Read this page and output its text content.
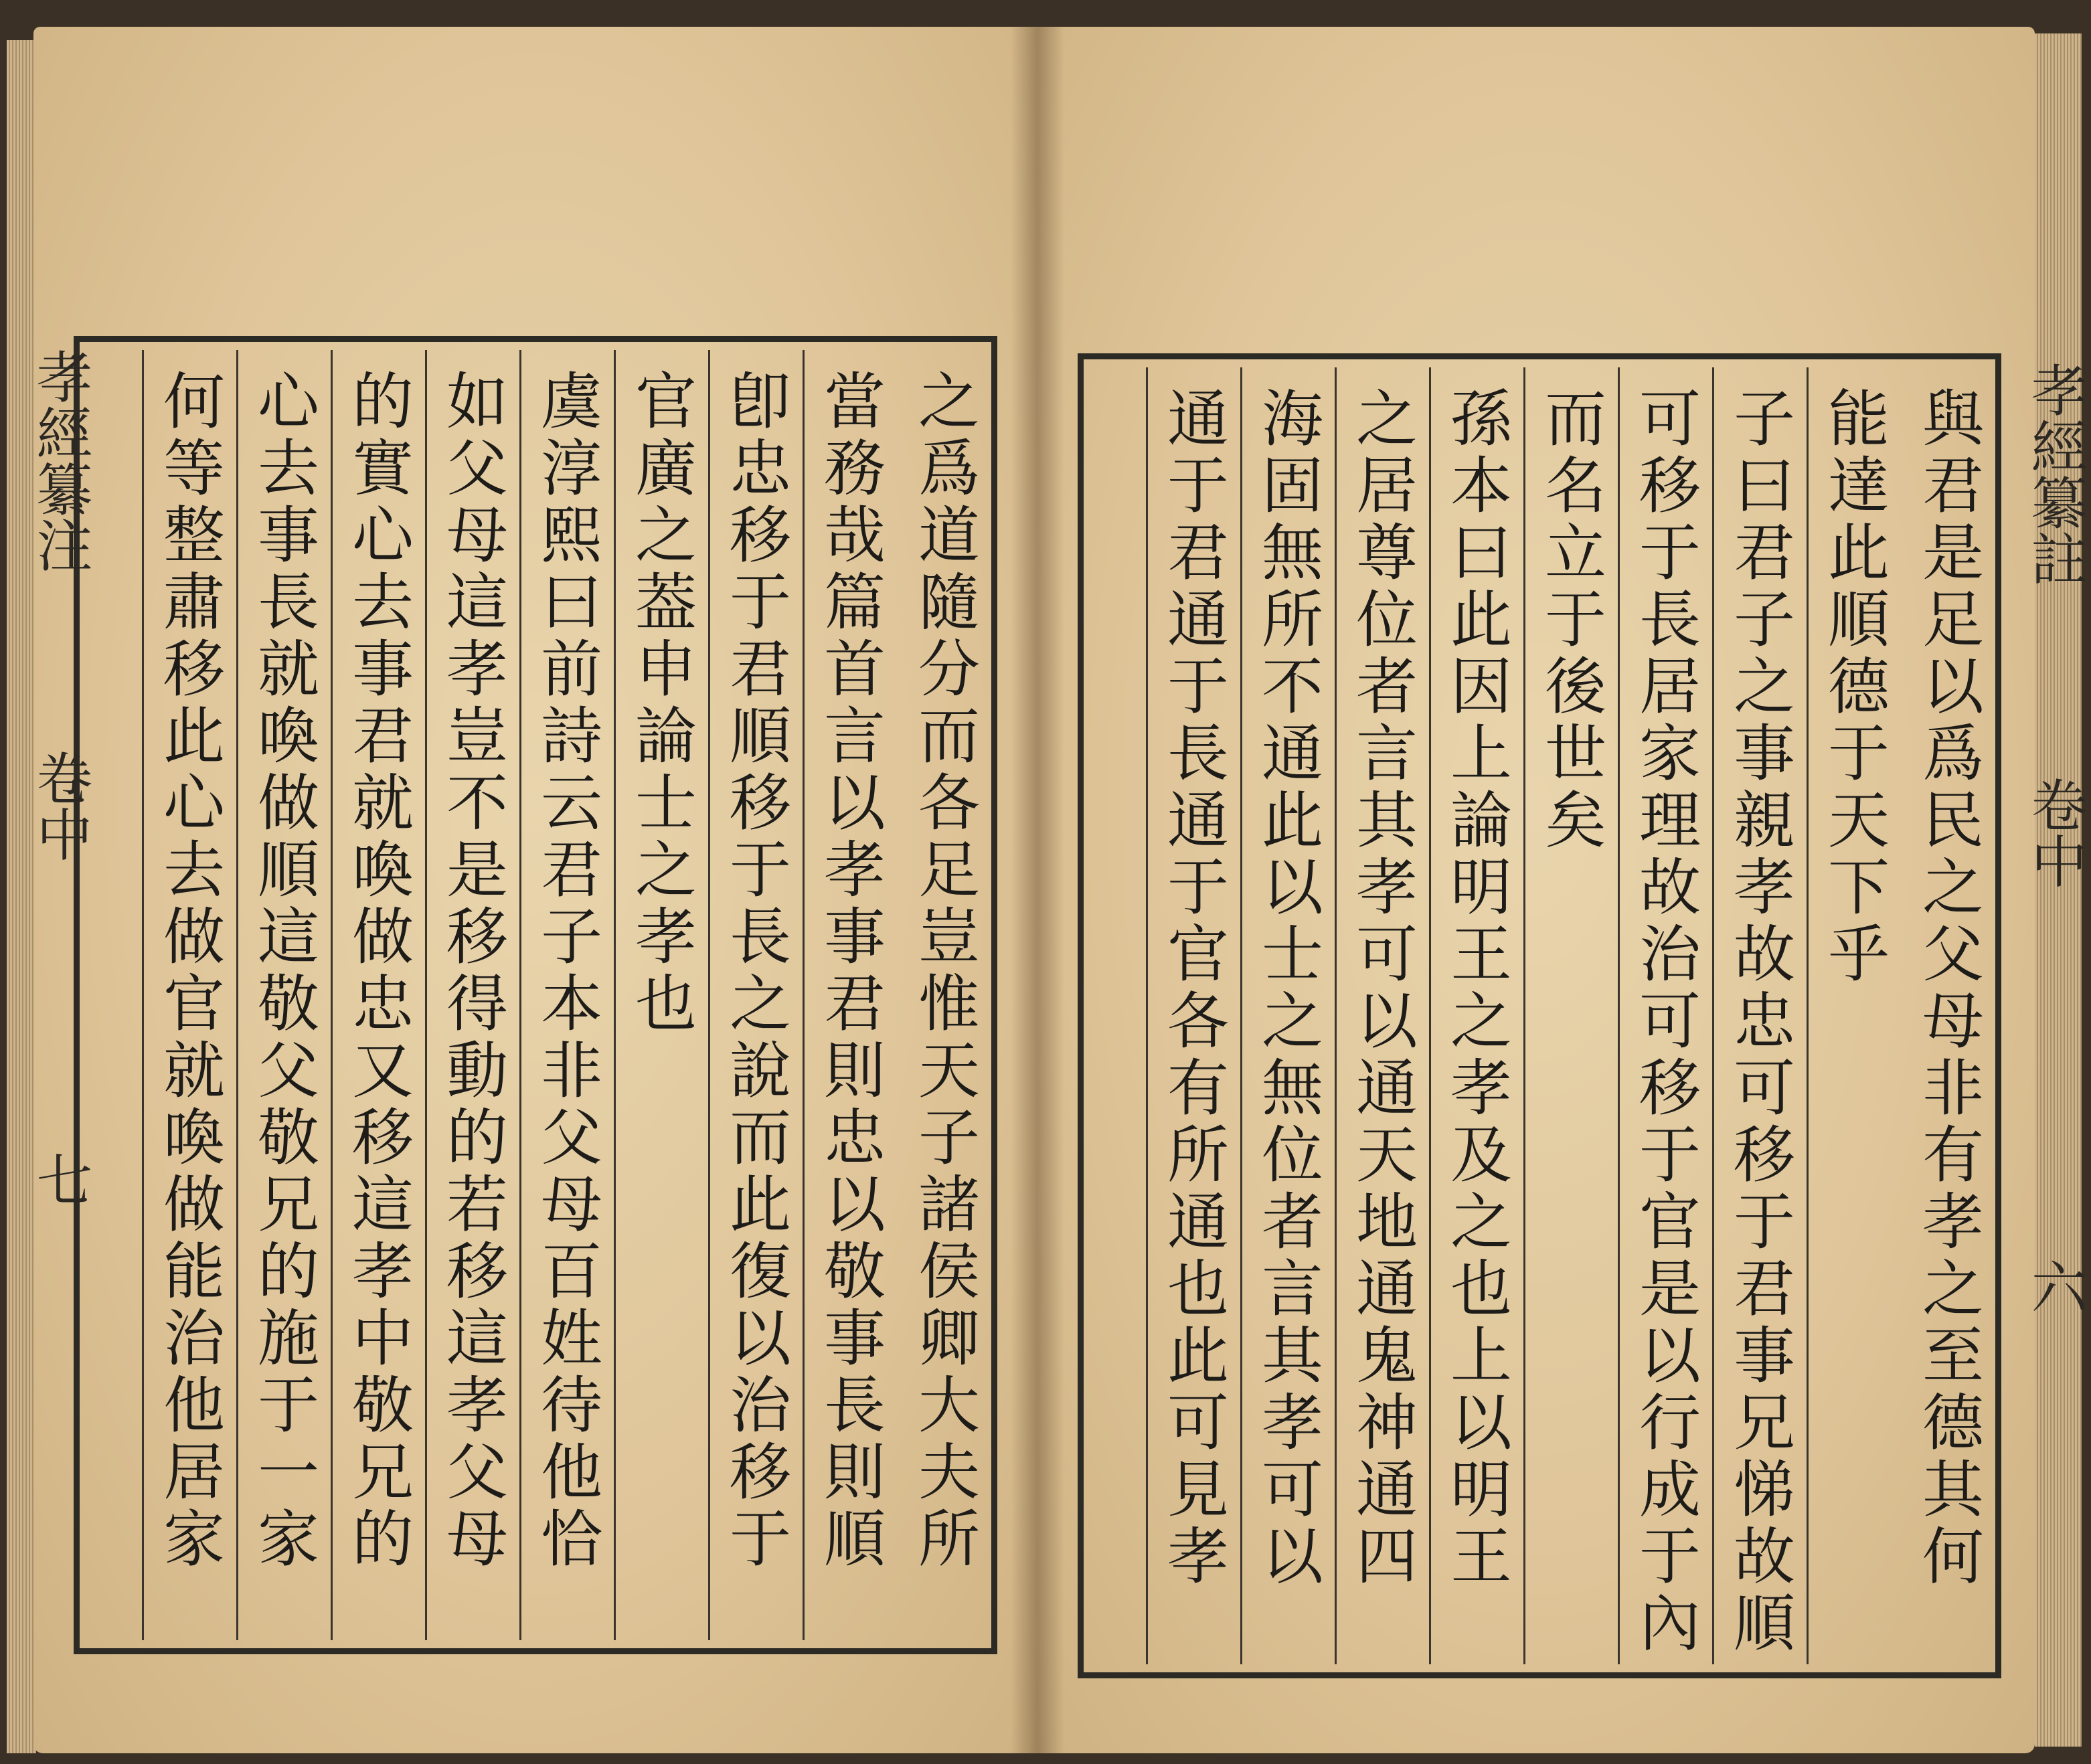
之爲道隨分而各足豈惟天子諸侯卿大夫所
當務哉篇首言以孝事君則忠以敬事長則順
卽忠移于君順移于長之說而此復以治移于
官廣之葢申論士之孝也
虞淳熙曰前詩云君子本非父母百姓待他恰
如父母這孝豈不是移得動的若移這孝父母
的實心去事君就喚做忠又移這孝中敬兄的
心去事長就喚做順這敬父敬兄的施于一家
何等整肅移此心去做官就喚做能治他居家
孝經纂注
卷中
七	與君是足以爲民之父母非有孝之至德其何
能達此順德于天下乎
子曰君子之事親孝故忠可移于君事兄悌故順
可移于長居家理故治可移于官是以行成于內
而名立于後世矣
孫本曰此因上論明王之孝及之也上以明王
之居尊位者言其孝可以通天地通鬼神通四
海固無所不通此以士之無位者言其孝可以
通于君通于長通于官各有所通也此可見孝	孝經纂註
卷中
六
